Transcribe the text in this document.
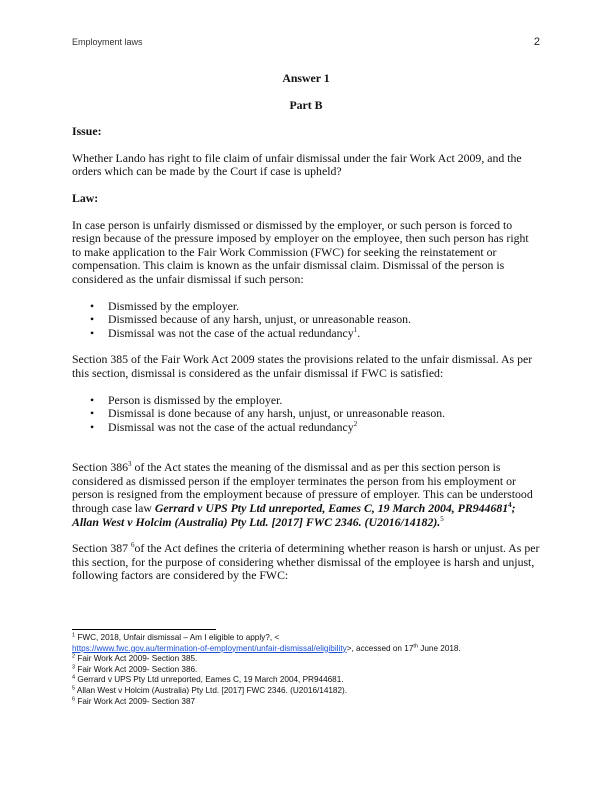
Employment laws	2

Answer 1

Part B

Issue:

Whether Lando has right to file claim of unfair dismissal under the fair Work Act 2009, and the orders which can be made by the Court if case is upheld?

Law:

In case person is unfairly dismissed or dismissed by the employer, or such person is forced to resign because of the pressure imposed by employer on the employee, then such person has right to make application to the Fair Work Commission (FWC) for seeking the reinstatement or compensation. This claim is known as the unfair dismissal claim. Dismissal of the person is considered as the unfair dismissal if such person:

• Dismissed by the employer.
• Dismissed because of any harsh, unjust, or unreasonable reason.
• Dismissal was not the case of the actual redundancy$^1$.

Section 385 of the Fair Work Act 2009 states the provisions related to the unfair dismissal. As per this section, dismissal is considered as the unfair dismissal if FWC is satisfied:

• Person is dismissed by the employer.
• Dismissal is done because of any harsh, unjust, or unreasonable reason.
• Dismissal was not the case of the actual redundancy$^2$

Section $386^3$ of the Act states the meaning of the dismissal and as per this section person is considered as dismissed person if the employer terminates the person from his employment or person is resigned from the employment because of pressure of employer. This can be understood through case law Gerrard v UPS Pty Ltd unreported, Eames C, 19 March 2004, PR944681$^4$; Allan West v Holcim (Australia) Pty Ltd. [2017] FWC 2346. (U2016/14182).$^5$

Section 387 $^6$of the Act defines the criteria of determining whether reason is harsh or unjust. As per this section, for the purpose of considering whether dismissal of the employee is harsh and unjust, following factors are considered by the FWC:

$^1$ FWC, 2018, Unfair dismissal – Am I eligible to apply?, <
https://www.fwc.gov.au/termination-of-employment/unfair-dismissal/eligibility>, accessed on 17th June 2018.
$^2$ Fair Work Act 2009- Section 385.
$^3$ Fair Work Act 2009- Section 386.
$^4$ Gerrard v UPS Pty Ltd unreported, Eames C, 19 March 2004, PR944681.
$^5$ Allan West v Holcim (Australia) Pty Ltd. [2017] FWC 2346. (U2016/14182).
$^6$ Fair Work Act 2009- Section 387
